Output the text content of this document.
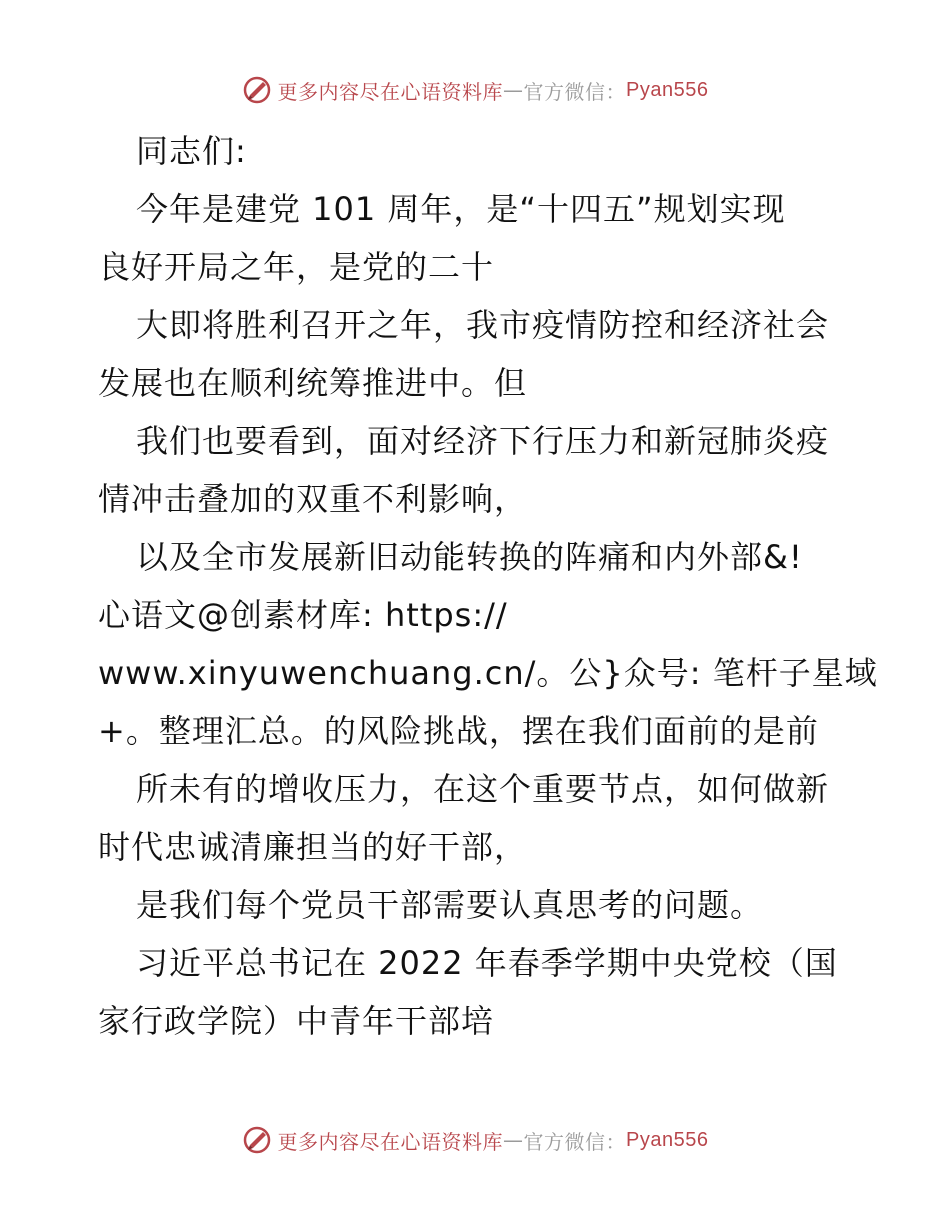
更多内容尽在心语资料库 — 官方微信： Pyan556

同志们:

今年是建党 101 周年，是“十四五”规划实现

良好开局之年，是党的二十

大即将胜利召开之年，我市疫情防控和经济社会

发展也在顺利统筹推进中。但

我们也要看到，面对经济下行压力和新冠肺炎疫

情冲击叠加的双重不利影响，

以及全市发展新旧动能转换的阵痛和内外部&!

心语文@创素材库: https://

www.xinyuwenchuang.cn/。公}众号: 笔杆子星域

+。整理汇总。的风险挑战，摆在我们面前的是前

所未有的增收压力，在这个重要节点，如何做新

时代忠诚清廉担当的好干部，

是我们每个党员干部需要认真思考的问题。

习近平总书记在 2022 年春季学期中央党校（国

家行政学院）中青年干部培

更多内容尽在心语资料库 — 官方微信： Pyan556
